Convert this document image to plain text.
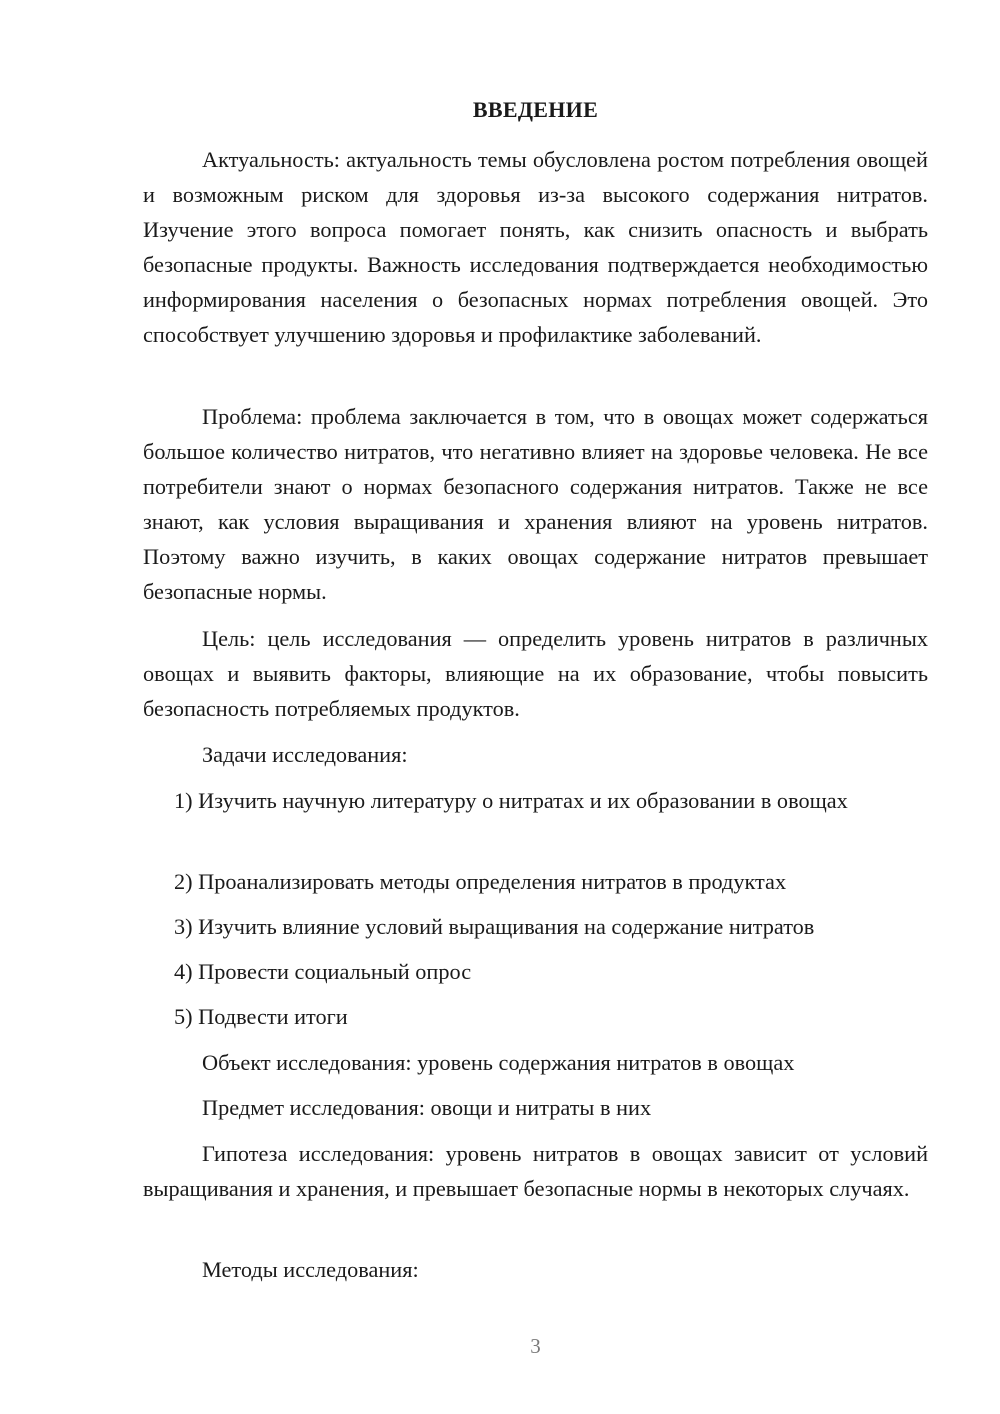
ВВЕДЕНИЕ

Актуальность: актуальность темы обусловлена ростом потребления овощей и возможным риском для здоровья из-за высокого содержания нитратов. Изучение этого вопроса помогает понять, как снизить опасность и выбрать безопасные продукты. Важность исследования подтверждается необходимостью информирования населения о безопасных нормах потребления овощей. Это способствует улучшению здоровья и профилактике заболеваний.

Проблема: проблема заключается в том, что в овощах может содержаться большое количество нитратов, что негативно влияет на здоровье человека. Не все потребители знают о нормах безопасного содержания нитратов. Также не все знают, как условия выращивания и хранения влияют на уровень нитратов. Поэтому важно изучить, в каких овощах содержание нитратов превышает безопасные нормы.

Цель: цель исследования — определить уровень нитратов в различных овощах и выявить факторы, влияющие на их образование, чтобы повысить безопасность потребляемых продуктов.

Задачи исследования:

1) Изучить научную литературу о нитратах и их образовании в овощах

2) Проанализировать методы определения нитратов в продуктах
3) Изучить влияние условий выращивания на содержание нитратов
4) Провести социальный опрос
5) Подвести итоги
Объект исследования: уровень содержания нитратов в овощах
Предмет исследования: овощи и нитраты в них

Гипотеза исследования: уровень нитратов в овощах зависит от условий выращивания и хранения, и превышает безопасные нормы в некоторых случаях.

Методы исследования:
3
